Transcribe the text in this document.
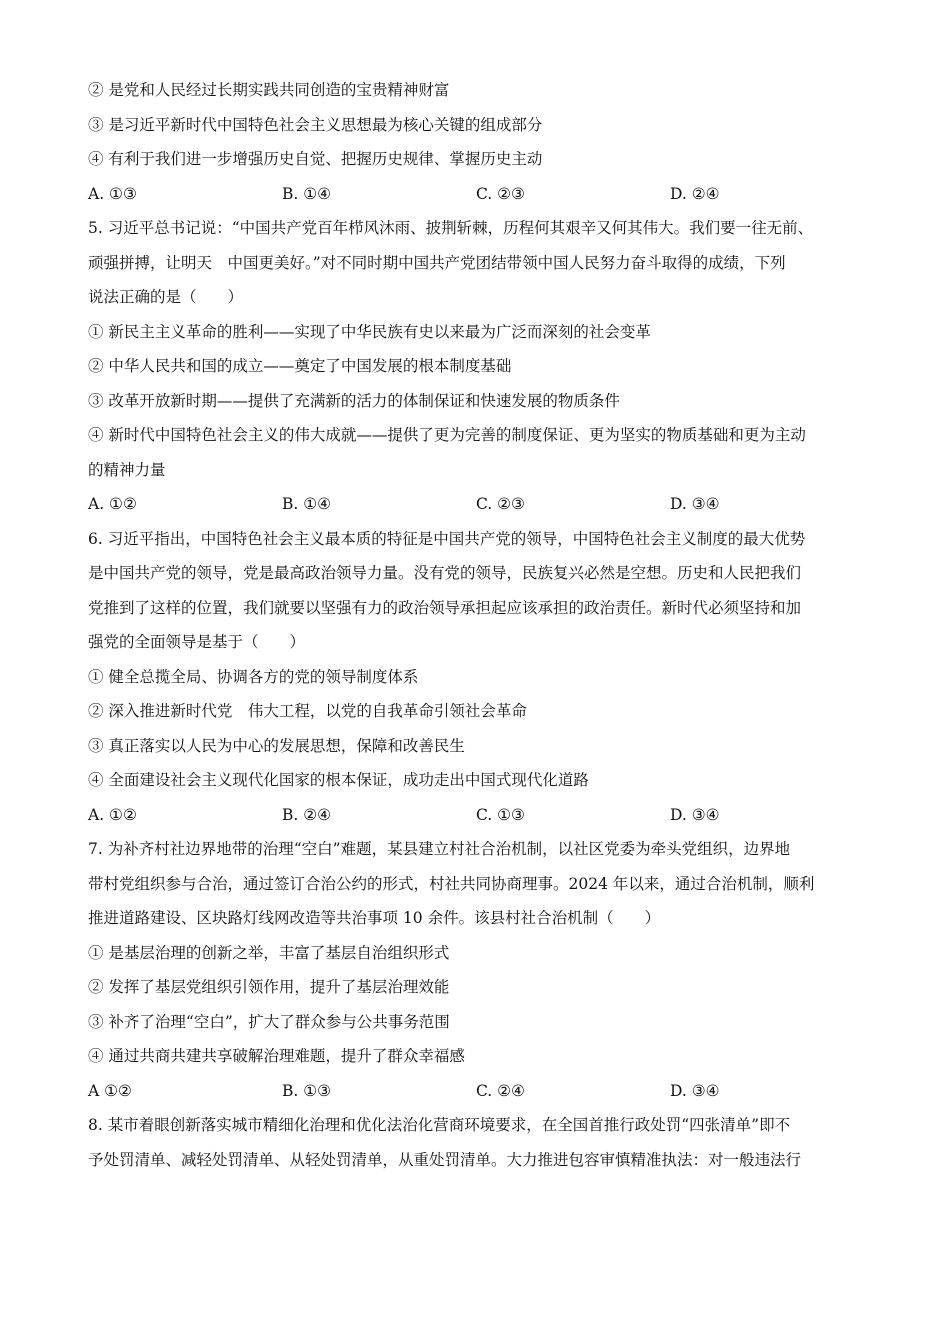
② 是党和人民经过长期实践共同创造的宝贵精神财富
③ 是习近平新时代中国特色社会主义思想最为核心关键的组成部分
④ 有利于我们进一步增强历史自觉、把握历史规律、掌握历史主动
A. ①③	B. ①④	C. ②③	D. ②④
5. 习近平总书记说：“中国共产党百年栉风沐雨、披荆斩棘，历程何其艰辛又何其伟大。我们要一往无前、
顽强拼搏，让明天　中国更美好。”对不同时期中国共产党团结带领中国人民努力奋斗取得的成绩，下列
说法正确的是（　　）
① 新民主主义革命的胜利——实现了中华民族有史以来最为广泛而深刻的社会变革
② 中华人民共和国的成立——奠定了中国发展的根本制度基础
③ 改革开放新时期——提供了充满新的活力的体制保证和快速发展的物质条件
④ 新时代中国特色社会主义的伟大成就——提供了更为完善的制度保证、更为坚实的物质基础和更为主动
的精神力量
A. ①②	B. ①④	C. ②③	D. ③④
6. 习近平指出，中国特色社会主义最本质的特征是中国共产党的领导，中国特色社会主义制度的最大优势
是中国共产党的领导，党是最高政治领导力量。没有党的领导，民族复兴必然是空想。历史和人民把我们
党推到了这样的位置，我们就要以坚强有力的政治领导承担起应该承担的政治责任。新时代必须坚持和加
强党的全面领导是基于（　　）
① 健全总揽全局、协调各方的党的领导制度体系
② 深入推进新时代党　伟大工程，以党的自我革命引领社会革命
③ 真正落实以人民为中心的发展思想，保障和改善民生
④ 全面建设社会主义现代化国家的根本保证，成功走出中国式现代化道路
A. ①②	B. ②④	C. ①③	D. ③④
7. 为补齐村社边界地带的治理“空白”难题，某县建立村社合治机制，以社区党委为牵头党组织，边界地
带村党组织参与合治，通过签订合治公约的形式，村社共同协商理事。2024 年以来，通过合治机制，顺利
推进道路建设、区块路灯线网改造等共治事项 10 余件。该县村社合治机制（　　）
① 是基层治理的创新之举，丰富了基层自治组织形式
② 发挥了基层党组织引领作用，提升了基层治理效能
③ 补齐了治理“空白”，扩大了群众参与公共事务范围
④ 通过共商共建共享破解治理难题，提升了群众幸福感
A ①②	B. ①③	C. ②④	D. ③④
8. 某市着眼创新落实城市精细化治理和优化法治化营商环境要求，在全国首推行政处罚“四张清单”即不
予处罚清单、减轻处罚清单、从轻处罚清单，从重处罚清单。大力推进包容审慎精准执法：对一般违法行
